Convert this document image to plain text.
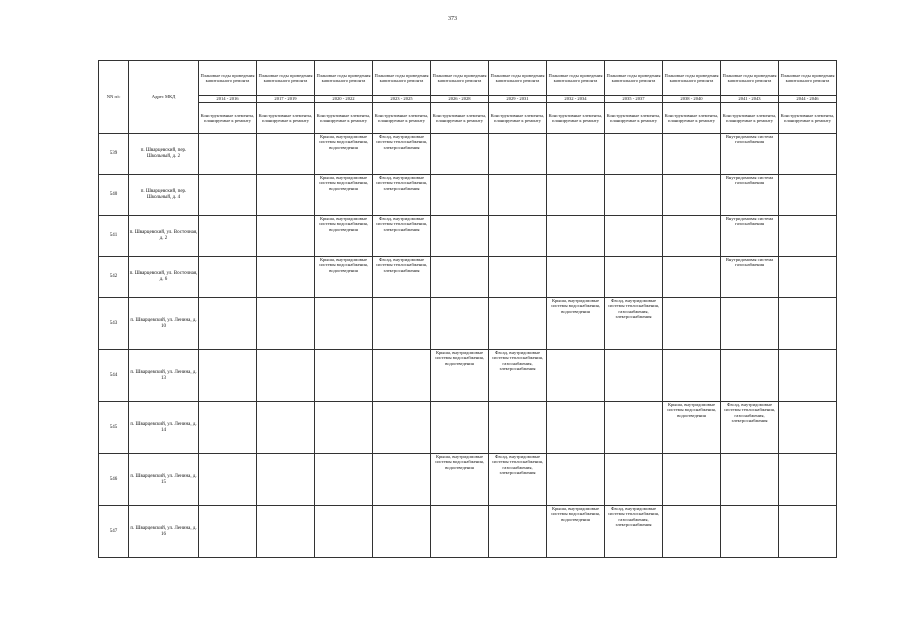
373
NN п/с	Адрес МКД	Плановые годы проведения капитального ремонта	Плановые годы проведения капитального ремонта	Плановые годы проведения капитального ремонта	Плановые годы проведения капитального ремонта	Плановые годы проведения капитального ремонта	Плановые годы проведения капитального ремонта	Плановые годы проведения капитального ремонта	Плановые годы проведения капитального ремонта	Плановые годы проведения капитального ремонта	Плановые годы проведения капитального ремонта	Плановые годы проведения капитального ремонта
		2014 - 2016	2017 - 2019	2020 - 2022	2023 - 2025	2026 - 2028	2029 - 2031	2032 - 2034	2035 - 2037	2038 - 2040	2041 - 2043	2044 - 2046
		Конструктивные элементы, планируемые к ремонту	Конструктивные элементы, планируемые к ремонту	Конструктивные элементы, планируемые к ремонту	Конструктивные элементы, планируемые к ремонту	Конструктивные элементы, планируемые к ремонту	Конструктивные элементы, планируемые к ремонту	Конструктивные элементы, планируемые к ремонту	Конструктивные элементы, планируемые к ремонту	Конструктивные элементы, планируемые к ремонту	Конструктивные элементы, планируемые к ремонту	Конструктивные элементы, планируемые к ремонту
539	п. Шварцевский, пер. Школьный, д. 2			Крыша, внутридомовые системы водоснабжения, водоотведения	Фасад, внутридомовые системы теплоснабжения, электроснабжения						Внутридомовая система газоснабжения	
540	п. Шварцевский, пер. Школьный, д. 4			Крыша, внутридомовые системы водоснабжения, водоотведения	Фасад, внутридомовые системы теплоснабжения, электроснабжения						Внутридомовая система газоснабжения	
541	п. Шварцевский, ул. Восточная, д. 2			Крыша, внутридомовые системы водоснабжения, водоотведения	Фасад, внутридомовые системы теплоснабжения, электроснабжения						Внутридомовая система газоснабжения	
542	п. Шварцевский, ул. Восточная, д. 6			Крыша, внутридомовые системы водоснабжения, водоотведения	Фасад, внутридомовые системы теплоснабжения, электроснабжения						Внутридомовая система газоснабжения	
543	п. Шварцевский, ул. Ленина, д. 10							Крыша, внутридомовые системы водоснабжения, водоотведения	Фасад, внутридомовые системы теплоснабжения, газоснабжения, электроснабжения			
544	п. Шварцевский, ул. Ленина, д. 13					Крыша, внутридомовые системы водоснабжения, водоотведения	Фасад, внутридомовые системы теплоснабжения, газоснабжения, электроснабжения					
545	п. Шварцевский, ул. Ленина, д. 14									Крыша, внутридомовые системы водоснабжения, водоотведения	Фасад, внутридомовые системы теплоснабжения, газоснабжения, электроснабжения	
546	п. Шварцевский, ул. Ленина, д. 15					Крыша, внутридомовые системы водоснабжения, водоотведения	Фасад, внутридомовые системы теплоснабжения, газоснабжения, электроснабжения					
547	п. Шварцевский, ул. Ленина, д. 16							Крыша, внутридомовые системы водоснабжения, водоотведения	Фасад, внутридомовые системы теплоснабжения, газоснабжения, электроснабжения			
